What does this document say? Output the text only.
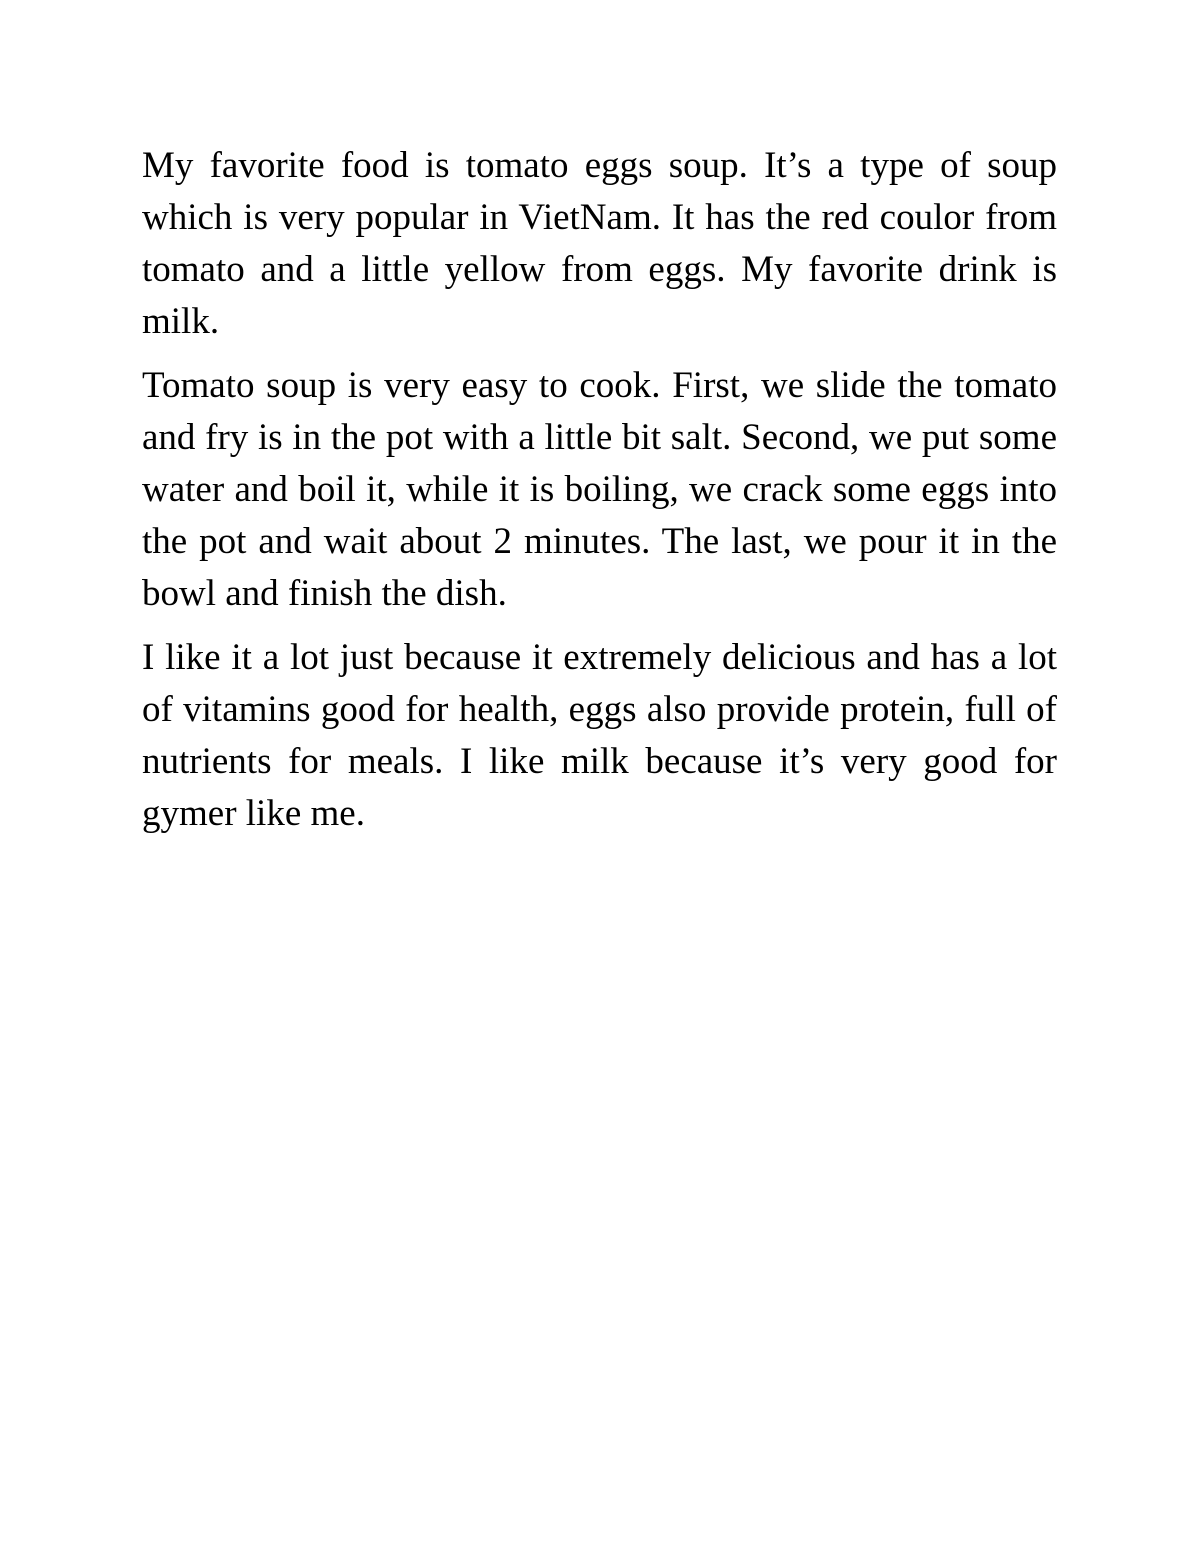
My favorite food is tomato eggs soup. It’s a type of soup which is very popular in VietNam. It has the red coulor from tomato and a little yellow from eggs. My favorite drink is milk.

Tomato soup is very easy to cook. First, we slide the tomato and fry is in the pot with a little bit salt. Second, we put some water and boil it, while it is boiling, we crack some eggs into the pot and wait about 2 minutes. The last, we pour it in the bowl and finish the dish.

I like it a lot just because it extremely delicious and has a lot of vitamins good for health, eggs also provide protein, full of nutrients for meals. I like milk because it’s very good for gymer like me.
